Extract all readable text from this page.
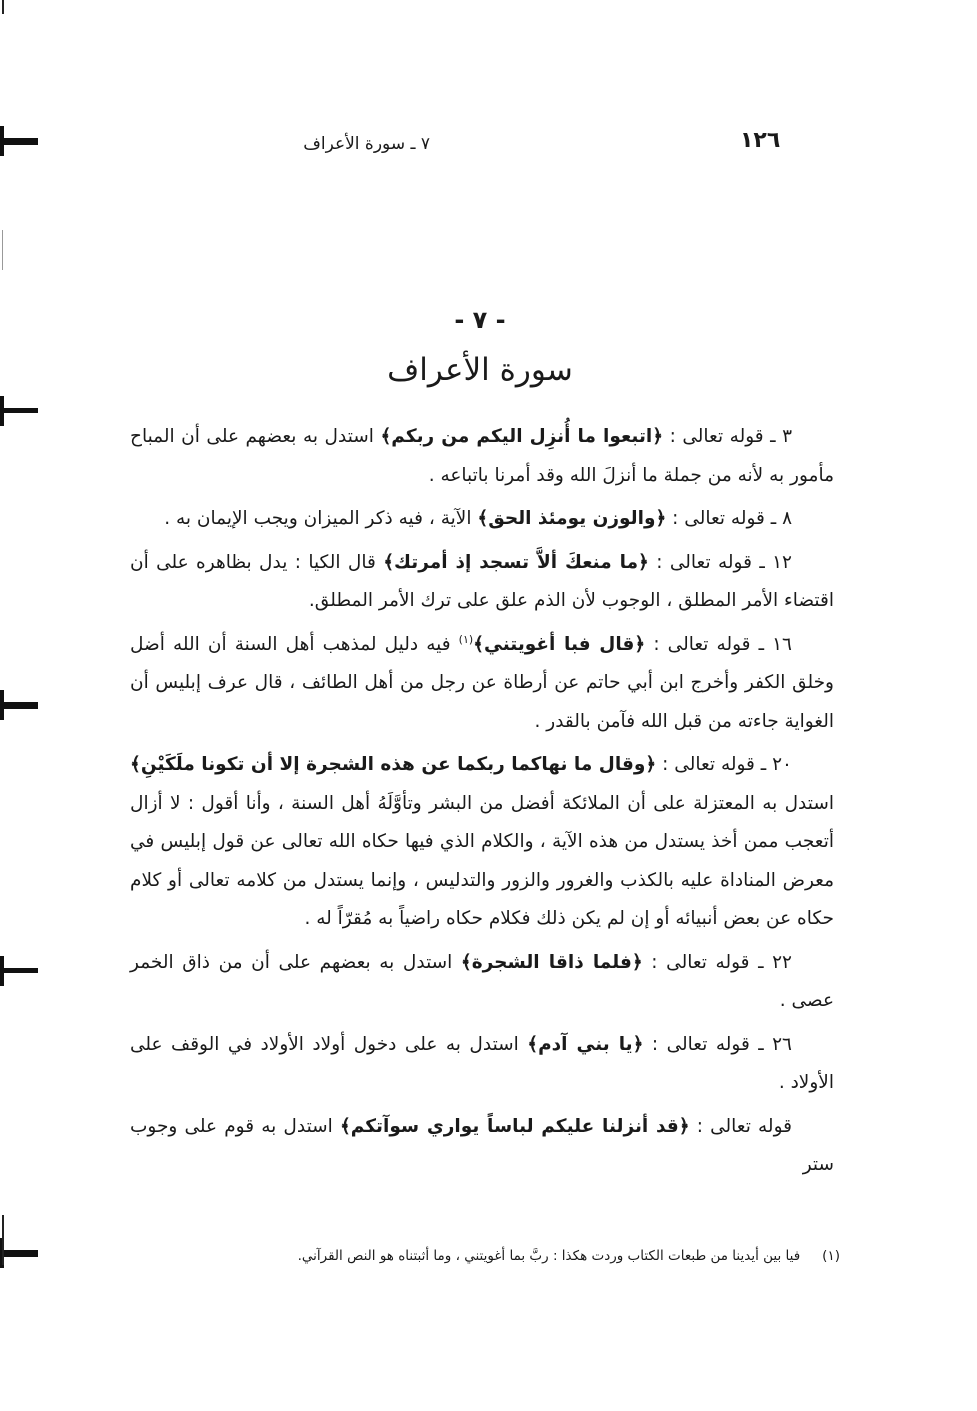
١٢٦
٧ ـ سورة الأعراف
- ٧ -
سورة الأعراف

٣ ـ قوله تعالى : ﴿اتبعوا ما أُنزِل اليكم من ربكم﴾ استدل به بعضهم على أن المباح مأمور به لأنه من جملة ما أنزلَ الله وقد أمرنا باتباعه .

٨ ـ قوله تعالى : ﴿والوزن يومئذ الحق﴾ الآية ، فيه ذكر الميزان ويجب الإيمان به .

١٢ ـ قوله تعالى : ﴿ما منعكَ ألاَّ تسجد إذ أمرتك﴾ قال الكيا : يدل بظاهره على أن اقتضاء الأمر المطلق ، الوجوب لأن الذم علق على ترك الأمر المطلق.

١٦ ـ قوله تعالى : ﴿قال فبا أغويتني﴾$^{(١)}$ فيه دليل لمذهب أهل السنة أن الله أضل وخلق الكفر وأخرج ابن أبي حاتم عن أرطاة عن رجل من أهل الطائف ، قال عرف إبليس أن الغواية جاءته من قبل الله فآمن بالقدر .

٢٠ ـ قوله تعالى : ﴿وقال ما نهاكما ربكما عن هذه الشجرة إلا أن تكونا ملَكَيْنِ﴾ استدل به المعتزلة على أن الملائكة أفضل من البشر وتأوَّلَهُ أهل السنة ، وأنا أقول : لا أزال أتعجب ممن أخذ يستدل من هذه الآية ، والكلام الذي فيها حكاه الله تعالى عن قول إبليس في معرض المناداة عليه بالكذب والغرور والزور والتدليس ، وإنما يستدل من كلامه تعالى أو كلام حكاه عن بعض أنبيائه أو إن لم يكن ذلك فكلام حكاه راضياً به مُقرّاً له .

٢٢ ـ قوله تعالى : ﴿فلما ذاقا الشجرة﴾ استدل به بعضهم على أن من ذاق الخمر عصى .

٢٦ ـ قوله تعالى : ﴿يا بني آدم﴾ استدل به على دخول أولاد الأولاد في الوقف على الأولاد .

قوله تعالى : ﴿قد أنزلنا عليكم لباساً يواري سوآتكم﴾ استدل به قوم على وجوب ستر

(١)فيا بين أيدينا من طبعات الكتاب وردت هكذا : ربَّ بما أغويتني ، وما أثبتناه هو النص القرآني.
